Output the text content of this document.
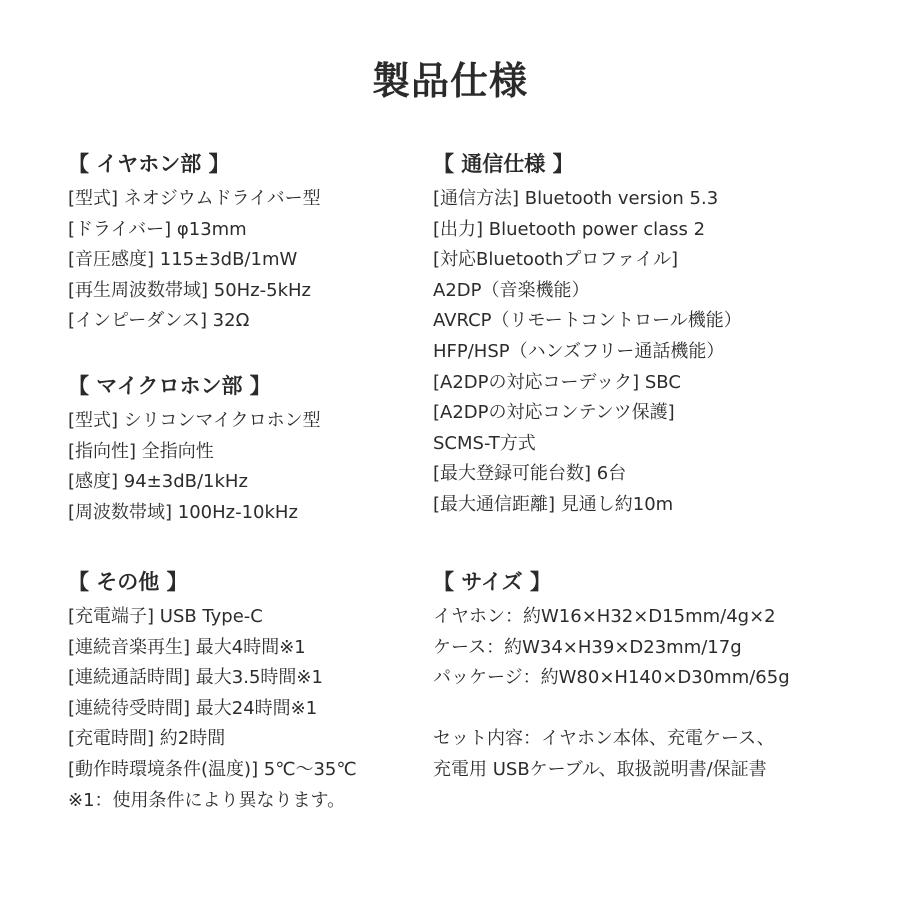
製品仕様
【 イヤホン部 】
[型式] ネオジウムドライバー型
[ドライバー] φ13mm
[音圧感度] 115±3dB/1mW
[再生周波数帯域] 50Hz-5kHz
[インピーダンス] 32Ω
【 マイクロホン部 】
[型式] シリコンマイクロホン型
[指向性] 全指向性
[感度] 94±3dB/1kHz
[周波数帯域] 100Hz-10kHz
【 その他 】
[充電端子] USB Type-C
[連続音楽再生] 最大4時間※1
[連続通話時間] 最大3.5時間※1
[連続待受時間] 最大24時間※1
[充電時間] 約2時間
[動作時環境条件(温度)] 5℃～35℃
※1：使用条件により異なります。
【 通信仕様 】
[通信方法] Bluetooth version 5.3
[出力] Bluetooth power class 2
[対応Bluetoothプロファイル]
A2DP（音楽機能）
AVRCP（リモートコントロール機能）
HFP/HSP（ハンズフリー通話機能）
[A2DPの対応コーデック] SBC
[A2DPの対応コンテンツ保護]
SCMS-T方式
[最大登録可能台数] 6台
[最大通信距離] 見通し約10m
【 サイズ 】
イヤホン：約W16×H32×D15mm/4g×2
ケース：約W34×H39×D23mm/17g
パッケージ：約W80×H140×D30mm/65g
セット内容：イヤホン本体、充電ケース、
充電用 USBケーブル、取扱説明書/保証書
